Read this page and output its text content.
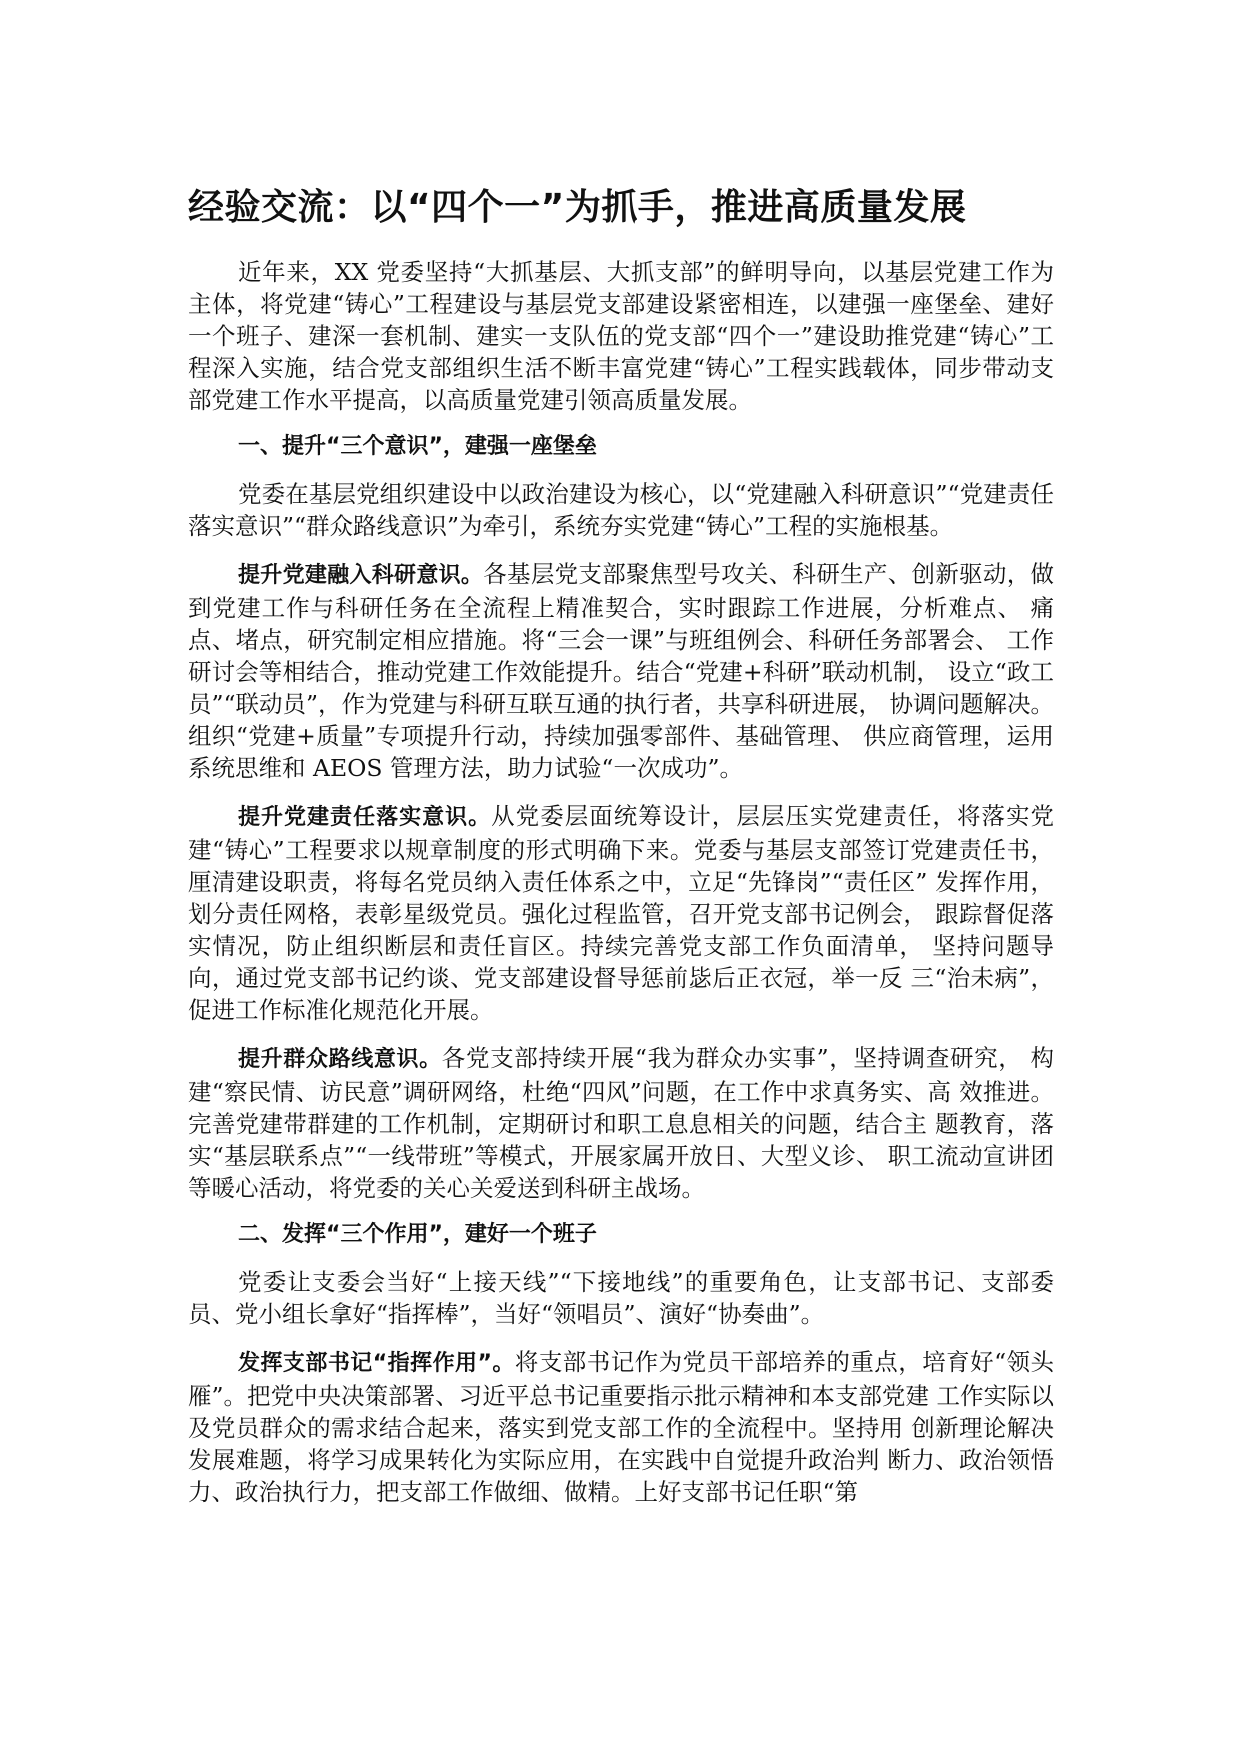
经验交流：以“四个一”为抓手，推进高质量发展

近年来，XX 党委坚持“大抓基层、大抓支部”的鲜明导向，以基层党建工作为主体，将党建“铸心”工程建设与基层党支部建设紧密相连，以建强一座堡垒、建好一个班子、建深一套机制、建实一支队伍的党支部“四个一”建设助推党建“铸心”工程深入实施，结合党支部组织生活不断丰富党建“铸心”工程实践载体，同步带动支部党建工作水平提高，以高质量党建引领高质量发展。

一、提升“三个意识”，建强一座堡垒

党委在基层党组织建设中以政治建设为核心，以“党建融入科研意识”“党建责任落实意识”“群众路线意识”为牵引，系统夯实党建“铸心”工程的实施根基。

提升党建融入科研意识。各基层党支部聚焦型号攻关、科研生产、创新驱动，做到党建工作与科研任务在全流程上精准契合，实时跟踪工作进展，分析难点、 痛点、堵点，研究制定相应措施。将“三会一课”与班组例会、科研任务部署会、 工作研讨会等相结合，推动党建工作效能提升。结合“党建+科研”联动机制， 设立“政工员”“联动员”，作为党建与科研互联互通的执行者，共享科研进展， 协调问题解决。组织“党建+质量”专项提升行动，持续加强零部件、基础管理、 供应商管理，运用系统思维和 AEOS 管理方法，助力试验“一次成功”。

提升党建责任落实意识。从党委层面统筹设计，层层压实党建责任，将落实党建“铸心”工程要求以规章制度的形式明确下来。党委与基层支部签订党建责任书，厘清建设职责，将每名党员纳入责任体系之中，立足“先锋岗”“责任区” 发挥作用，划分责任网格，表彰星级党员。强化过程监管，召开党支部书记例会， 跟踪督促落实情况，防止组织断层和责任盲区。持续完善党支部工作负面清单， 坚持问题导向，通过党支部书记约谈、党支部建设督导惩前毖后正衣冠，举一反 三“治未病”，促进工作标准化规范化开展。

提升群众路线意识。各党支部持续开展“我为群众办实事”，坚持调查研究， 构建“察民情、访民意”调研网络，杜绝“四风”问题，在工作中求真务实、高 效推进。完善党建带群建的工作机制，定期研讨和职工息息相关的问题，结合主 题教育，落实“基层联系点”“一线带班”等模式，开展家属开放日、大型义诊、 职工流动宣讲团等暖心活动，将党委的关心关爱送到科研主战场。

二、发挥“三个作用”，建好一个班子

党委让支委会当好“上接天线”“下接地线”的重要角色，让支部书记、支部委员、党小组长拿好“指挥棒”，当好“领唱员”、演好“协奏曲”。

发挥支部书记“指挥作用”。将支部书记作为党员干部培养的重点，培育好“领头雁”。把党中央决策部署、习近平总书记重要指示批示精神和本支部党建 工作实际以及党员群众的需求结合起来，落实到党支部工作的全流程中。坚持用 创新理论解决发展难题，将学习成果转化为实际应用，在实践中自觉提升政治判 断力、政治领悟力、政治执行力，把支部工作做细、做精。上好支部书记任职“第
